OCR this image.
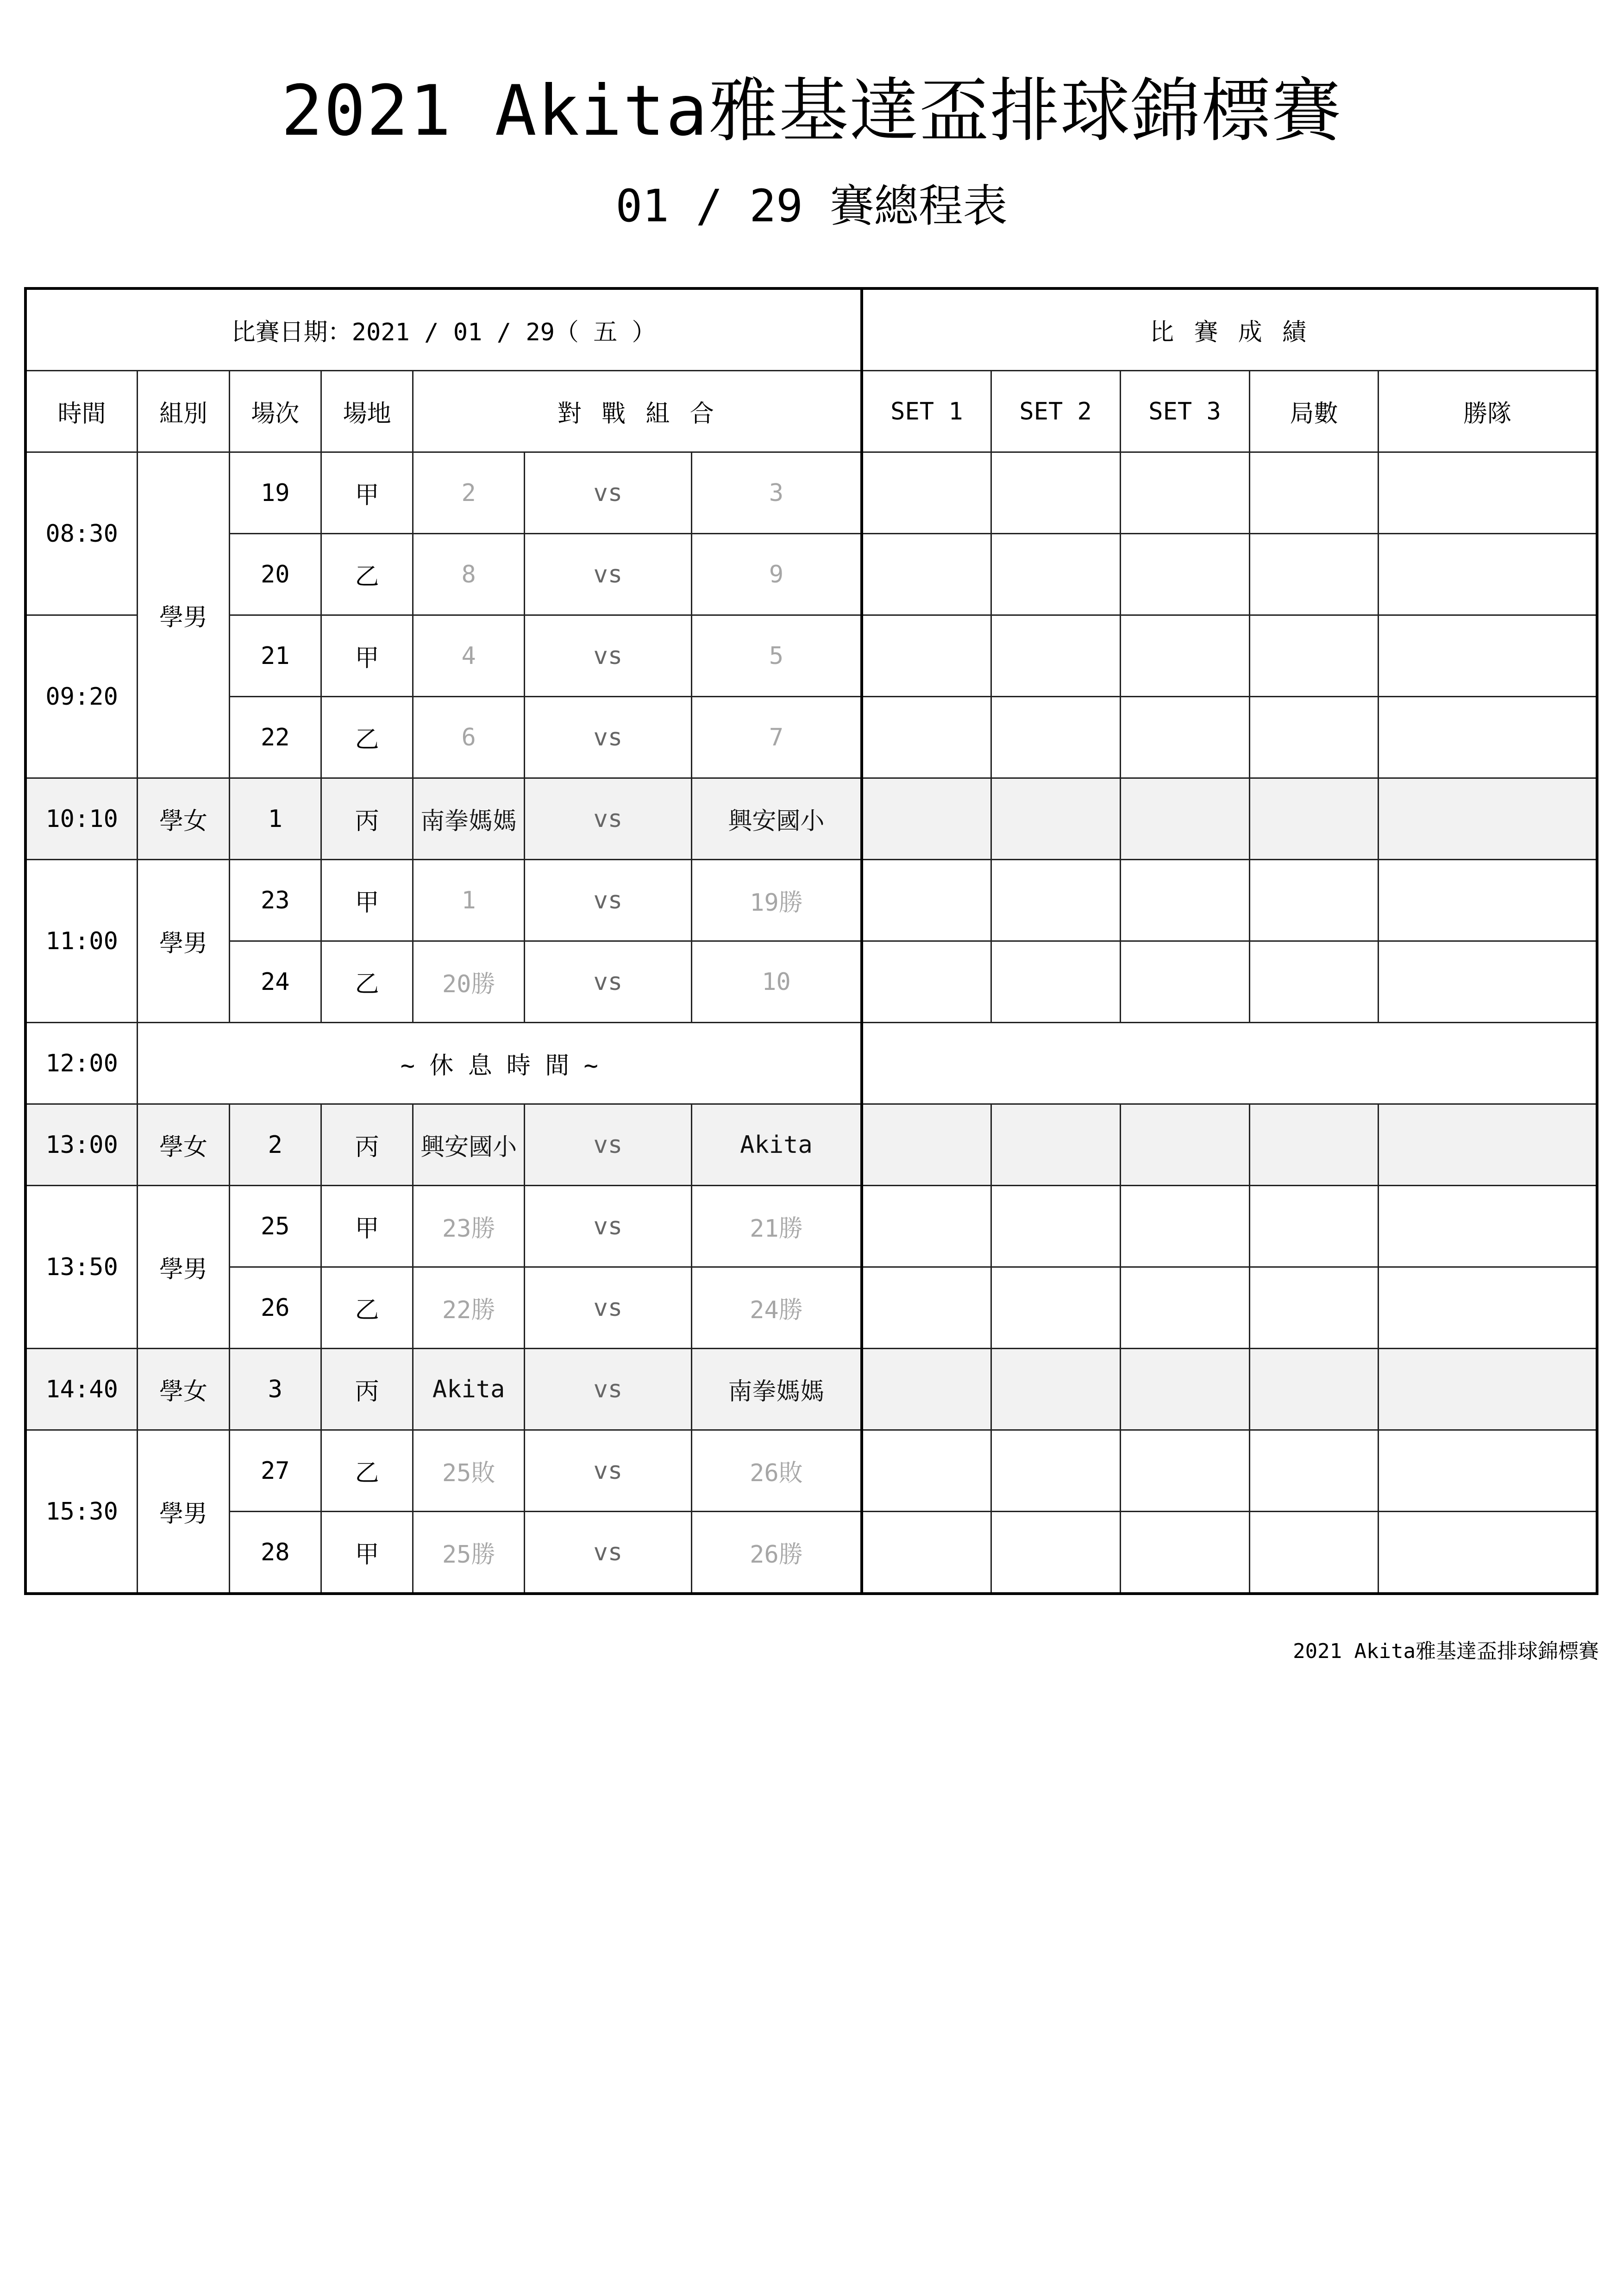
2021 Akita雅基達盃排球錦標賽
01 / 29 賽總程表
比賽日期：2021 / 01 / 29（ 五 ）							比 賽 成 績				
時間	組別	場次	場地	對 戰 組 合			SET 1	SET 2	SET 3	局數	勝隊
08:30	學男	19	甲	2	vs	3					
		20	乙	8	vs	9					
09:20		21	甲	4	vs	5					
		22	乙	6	vs	7					
10:10	學女	1	丙	南拳媽媽	vs	興安國小					
11:00	學男	23	甲	1	vs	19勝					
		24	乙	20勝	vs	10					
12:00	~ 休 息 時 間 ~										
13:00	學女	2	丙	興安國小	vs	Akita					
13:50	學男	25	甲	23勝	vs	21勝					
		26	乙	22勝	vs	24勝					
14:40	學女	3	丙	Akita	vs	南拳媽媽					
15:30	學男	27	乙	25敗	vs	26敗					
		28	甲	25勝	vs	26勝					
2021 Akita雅基達盃排球錦標賽
